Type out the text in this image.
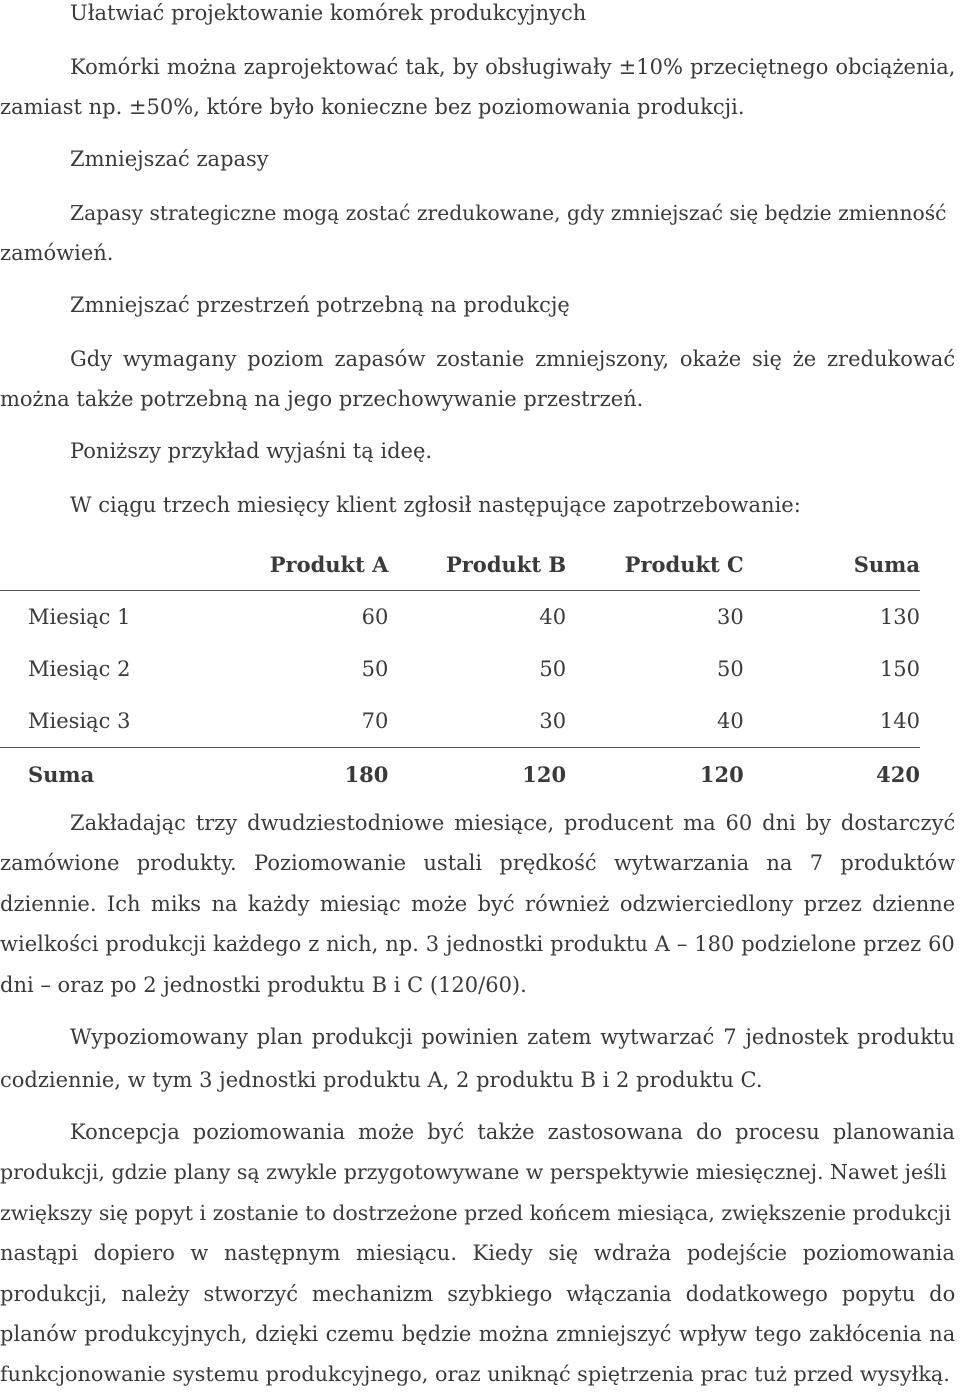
Ułatwiać projektowanie komórek produkcyjnych
Komórki można zaprojektować tak, by obsługiwały ±10% przeciętnego obciążenia,
zamiast np. ±50%, które było konieczne bez poziomowania produkcji.
Zmniejszać zapasy
Zapasy strategiczne mogą zostać zredukowane, gdy zmniejszać się będzie zmienność
zamówień.
Zmniejszać przestrzeń potrzebną na produkcję
Gdy wymagany poziom zapasów zostanie zmniejszony, okaże się że zredukować
można także potrzebną na jego przechowywanie przestrzeń.
Poniższy przykład wyjaśni tą ideę.
W ciągu trzech miesięcy klient zgłosił następujące zapotrzebowanie:
	Produkt A	Produkt B	Produkt C	Suma
Miesiąc 1	60	40	30	130
Miesiąc 2	50	50	50	150
Miesiąc 3	70	30	40	140
Suma	180	120	120	420
Zakładając trzy dwudziestodniowe miesiące, producent ma 60 dni by dostarczyć
zamówione produkty. Poziomowanie ustali prędkość wytwarzania na 7 produktów
dziennie. Ich miks na każdy miesiąc może być również odzwierciedlony przez dzienne
wielkości produkcji każdego z nich, np. 3 jednostki produktu A – 180 podzielone przez 60
dni – oraz po 2 jednostki produktu B i C (120/60).
Wypoziomowany plan produkcji powinien zatem wytwarzać 7 jednostek produktu
codziennie, w tym 3 jednostki produktu A, 2 produktu B i 2 produktu C.
Koncepcja poziomowania może być także zastosowana do procesu planowania
produkcji, gdzie plany są zwykle przygotowywane w perspektywie miesięcznej. Nawet jeśli
zwiększy się popyt i zostanie to dostrzeżone przed końcem miesiąca, zwiększenie produkcji
nastąpi dopiero w następnym miesiącu. Kiedy się wdraża podejście poziomowania
produkcji, należy stworzyć mechanizm szybkiego włączania dodatkowego popytu do
planów produkcyjnych, dzięki czemu będzie można zmniejszyć wpływ tego zakłócenia na
funkcjonowanie systemu produkcyjnego, oraz uniknąć spiętrzenia prac tuż przed wysyłką.
